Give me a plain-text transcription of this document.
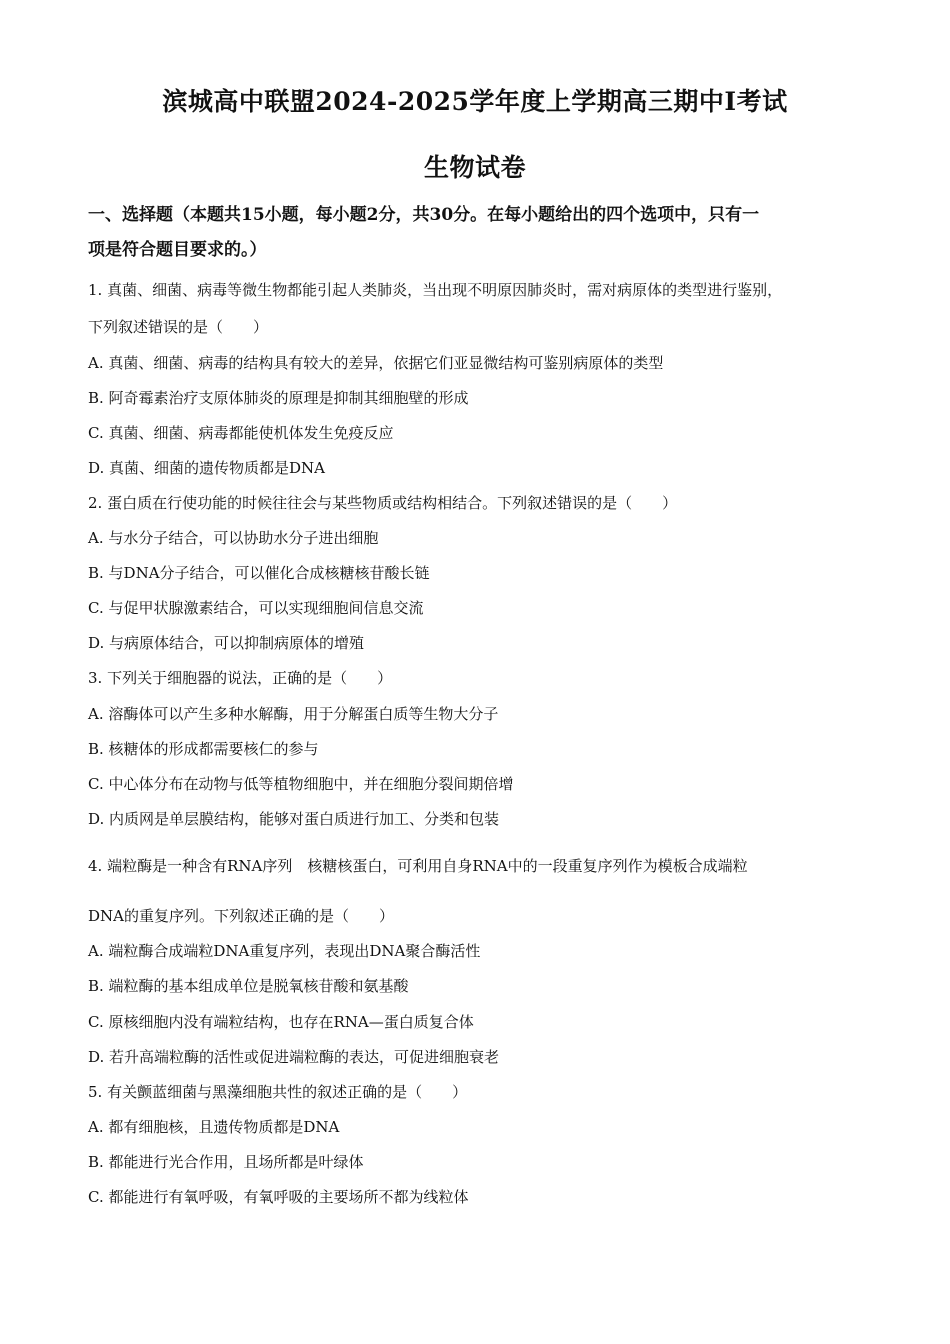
滨城高中联盟2024-2025学年度上学期高三期中I考试
生物试卷
一、选择题（本题共15小题，每小题2分，共30分。在每小题给出的四个选项中，只有一
项是符合题目要求的。）
1. 真菌、细菌、病毒等微生物都能引起人类肺炎，当出现不明原因肺炎时，需对病原体的类型进行鉴别，
下列叙述错误的是（　　）
A. 真菌、细菌、病毒的结构具有较大的差异，依据它们亚显微结构可鉴别病原体的类型
B. 阿奇霉素治疗支原体肺炎的原理是抑制其细胞壁的形成
C. 真菌、细菌、病毒都能使机体发生免疫反应
D. 真菌、细菌的遗传物质都是DNA
2. 蛋白质在行使功能的时候往往会与某些物质或结构相结合。下列叙述错误的是（　　）
A. 与水分子结合，可以协助水分子进出细胞
B. 与DNA分子结合，可以催化合成核糖核苷酸长链
C. 与促甲状腺激素结合，可以实现细胞间信息交流
D. 与病原体结合，可以抑制病原体的增殖
3. 下列关于细胞器的说法，正确的是（　　）
A. 溶酶体可以产生多种水解酶，用于分解蛋白质等生物大分子
B. 核糖体的形成都需要核仁的参与
C. 中心体分布在动物与低等植物细胞中，并在细胞分裂间期倍增
D. 内质网是单层膜结构，能够对蛋白质进行加工、分类和包装
4. 端粒酶是一种含有RNA序列　核糖核蛋白，可利用自身RNA中的一段重复序列作为模板合成端粒
DNA的重复序列。下列叙述正确的是（　　）
A. 端粒酶合成端粒DNA重复序列，表现出DNA聚合酶活性
B. 端粒酶的基本组成单位是脱氧核苷酸和氨基酸
C. 原核细胞内没有端粒结构，也存在RNA—蛋白质复合体
D. 若升高端粒酶的活性或促进端粒酶的表达，可促进细胞衰老
5. 有关颤蓝细菌与黑藻细胞共性的叙述正确的是（　　）
A. 都有细胞核，且遗传物质都是DNA
B. 都能进行光合作用，且场所都是叶绿体
C. 都能进行有氧呼吸，有氧呼吸的主要场所不都为线粒体
